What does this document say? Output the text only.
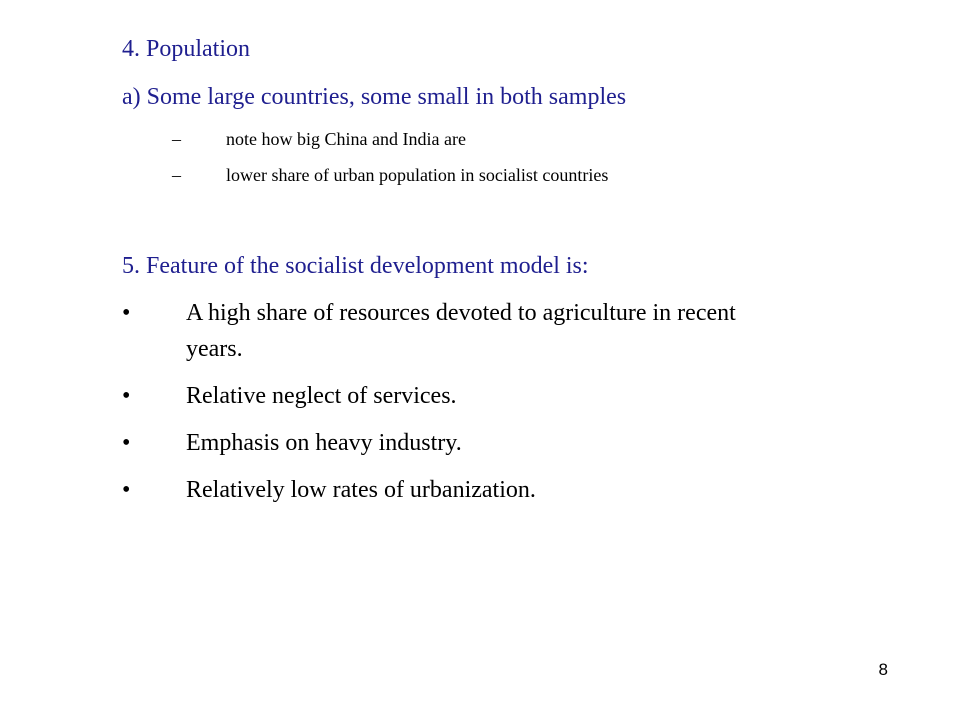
4. Population
a) Some large countries, some small in both samples
–	note how big China and India are
–	lower share of urban population in socialist countries
5. Feature of the socialist development model is:
• A high share of resources devoted to agriculture in recent
years.
• Relative neglect of services.
• Emphasis on heavy industry.
• Relatively low rates of urbanization.
8
